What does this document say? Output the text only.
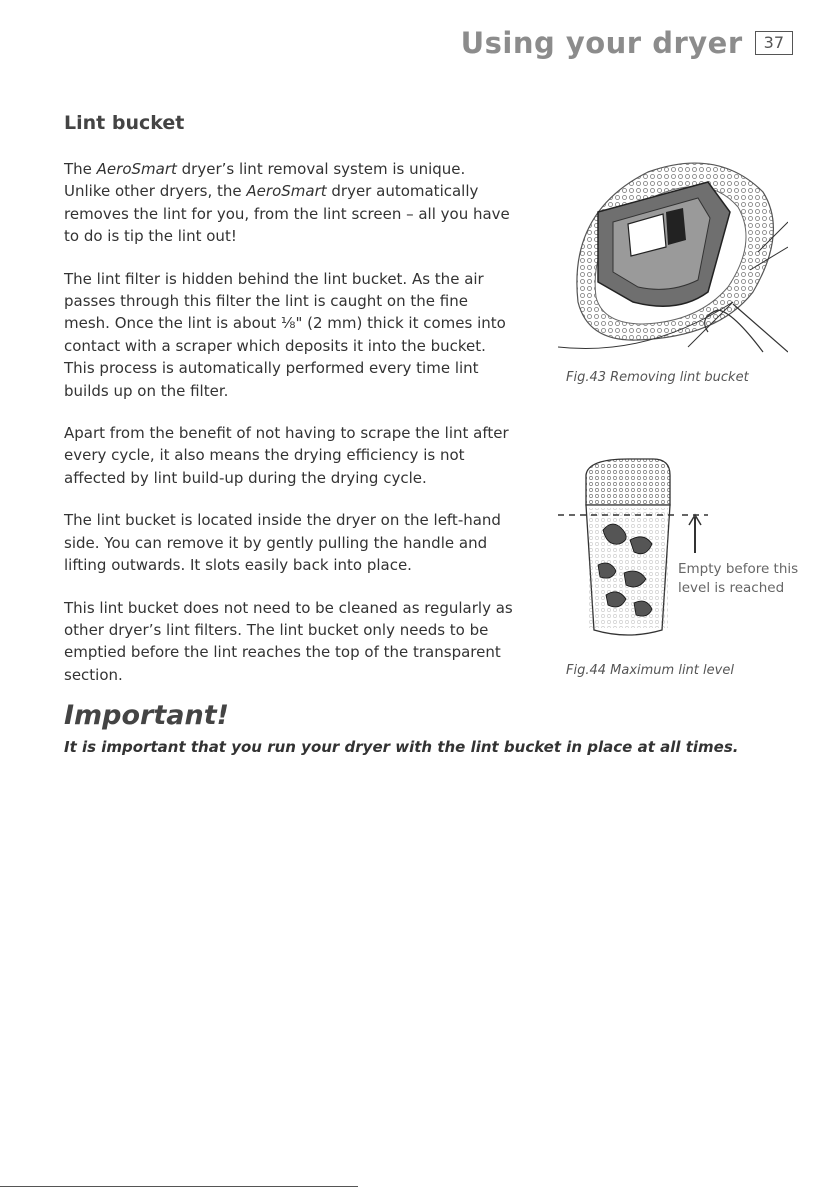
Using your dryer	37
Lint bucket

The AeroSmart dryer’s lint removal system is unique. Unlike other dryers, the AeroSmart dryer automatically removes the lint for you, from the lint screen – all you have to do is tip the lint out!

The lint filter is hidden behind the lint bucket. As the air passes through this filter the lint is caught on the fine mesh. Once the lint is about ⅛" (2 mm) thick it comes into contact with a scraper which deposits it into the bucket. This process is automatically performed every time lint builds up on the filter.

Apart from the benefit of not having to scrape the lint after every cycle, it also means the drying efficiency is not affected by lint build-up during the drying cycle.

The lint bucket is located inside the dryer on the left-hand side. You can remove it by gently pulling the handle and lifting outwards. It slots easily back into place.

This lint bucket does not need to be cleaned as regularly as other dryer’s lint filters. The lint bucket only needs to be emptied before the lint reaches the top of the transparent section.

Fig.43 Removing lint bucket
Empty before this
level is reached
Fig.44 Maximum lint level
Important!
It is important that you run your dryer with the lint bucket in place at all times.
